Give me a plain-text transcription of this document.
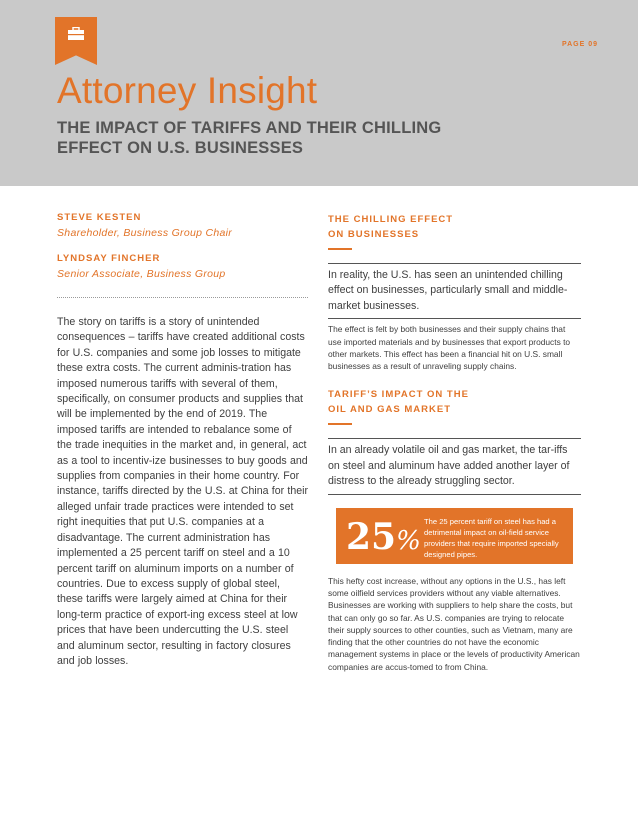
PAGE 09
Attorney Insight
THE IMPACT OF TARIFFS AND THEIR CHILLING EFFECT ON U.S. BUSINESSES
STEVE KESTEN
Shareholder, Business Group Chair
LYNDSAY FINCHER
Senior Associate, Business Group
The story on tariffs is a story of unintended consequences – tariffs have created additional costs for U.S. companies and some job losses to mitigate these extra costs. The current adminis-tration has imposed numerous tariffs with several of them, specifically, on consumer products and supplies that will be implemented by the end of 2019. The imposed tariffs are intended to rebalance some of the trade inequities in the market and, in general, act as a tool to incentiv-ize businesses to buy goods and supplies from companies in their home country. For instance, tariffs directed by the U.S. at China for their alleged unfair trade practices were intended to set right inequities that put U.S. companies at a disadvantage. The current administration has implemented a 25 percent tariff on steel and a 10 percent tariff on aluminum imports on a number of countries. Due to excess supply of global steel, these tariffs were largely aimed at China for their long-term practice of export-ing excess steel at low prices that have been undercutting the U.S. steel and aluminum sector, resulting in factory closures and job losses.
THE CHILLING EFFECT
ON BUSINESSES
In reality, the U.S. has seen an unintended chilling effect on businesses, particularly small and middle-market businesses.
The effect is felt by both businesses and their supply chains that use imported materials and by businesses that export products to other markets. This effect has been a financial hit on U.S. small businesses as a result of unraveling supply chains.
TARIFF’S IMPACT ON THE
OIL AND GAS MARKET
In an already volatile oil and gas market, the tar-iffs on steel and aluminum have added another layer of distress to the already struggling sector.
25%
The 25 percent tariff on steel has had a detrimental impact on oil-field service providers that require imported specially designed pipes.
This hefty cost increase, without any options in the U.S., has left some oilfield services providers without any viable alternatives. Businesses are working with suppliers to help share the costs, but that can only go so far. As U.S. companies are trying to relocate their supply sources to other counties, such as Vietnam, many are finding that the other countries do not have the economic management systems in place or the levels of productivity American companies are accus-tomed to from China.
